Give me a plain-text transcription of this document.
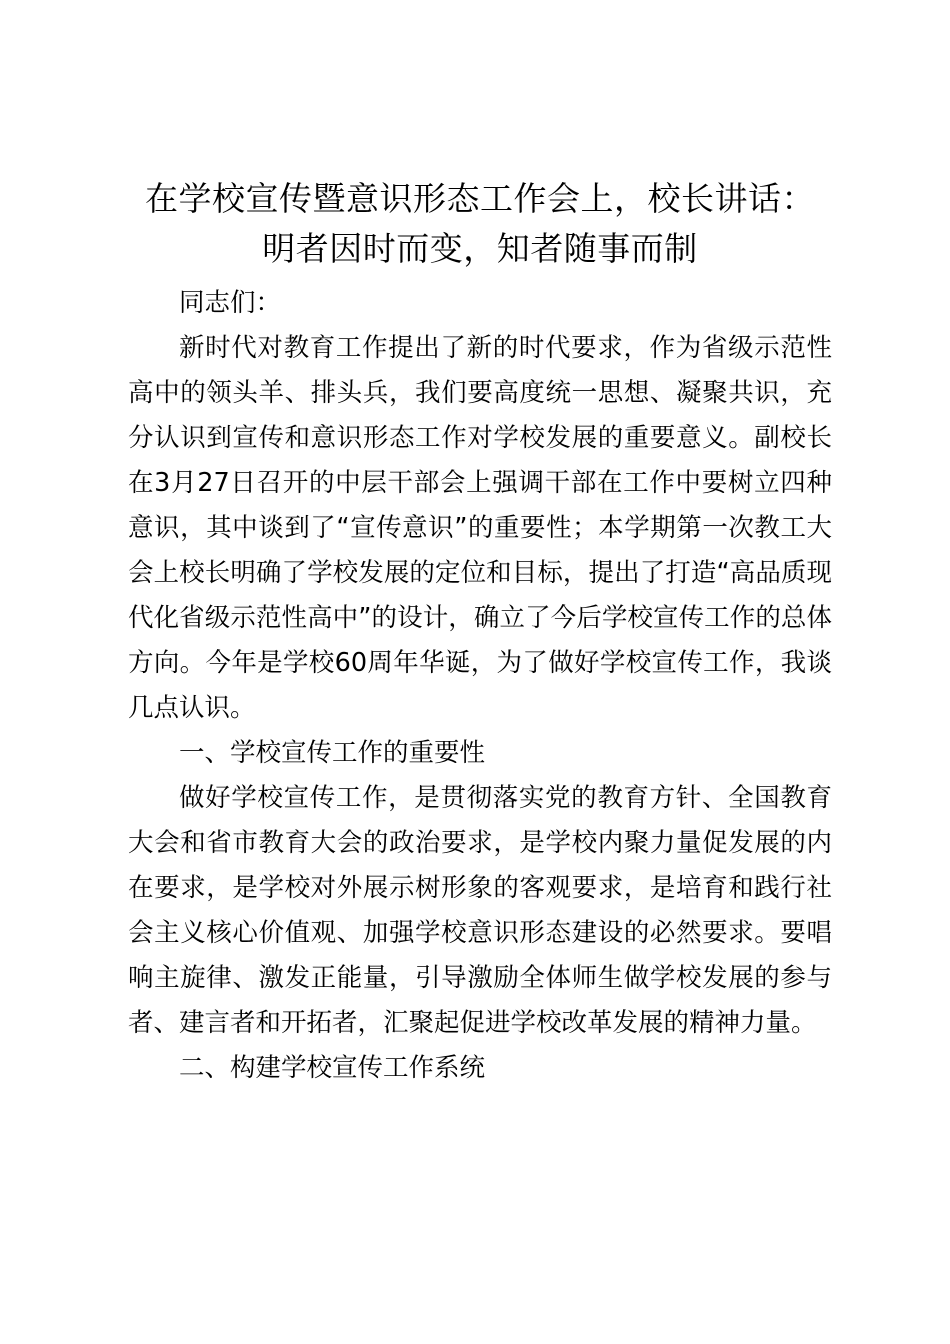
在学校宣传暨意识形态工作会上，校长讲话：
明者因时而变，知者随事而制

同志们：

新时代对教育工作提出了新的时代要求，作为省级示范性高中的领头羊、排头兵，我们要高度统一思想、凝聚共识，充分认识到宣传和意识形态工作对学校发展的重要意义。副校长在3月27日召开的中层干部会上强调干部在工作中要树立四种意识，其中谈到了“宣传意识”的重要性；本学期第一次教工大会上校长明确了学校发展的定位和目标，提出了打造“高品质现代化省级示范性高中”的设计，确立了今后学校宣传工作的总体方向。今年是学校60周年华诞，为了做好学校宣传工作，我谈几点认识。

一、学校宣传工作的重要性

做好学校宣传工作，是贯彻落实党的教育方针、全国教育大会和省市教育大会的政治要求，是学校内聚力量促发展的内在要求，是学校对外展示树形象的客观要求，是培育和践行社会主义核心价值观、加强学校意识形态建设的必然要求。要唱响主旋律、激发正能量，引导激励全体师生做学校发展的参与者、建言者和开拓者，汇聚起促进学校改革发展的精神力量。

二、构建学校宣传工作系统
